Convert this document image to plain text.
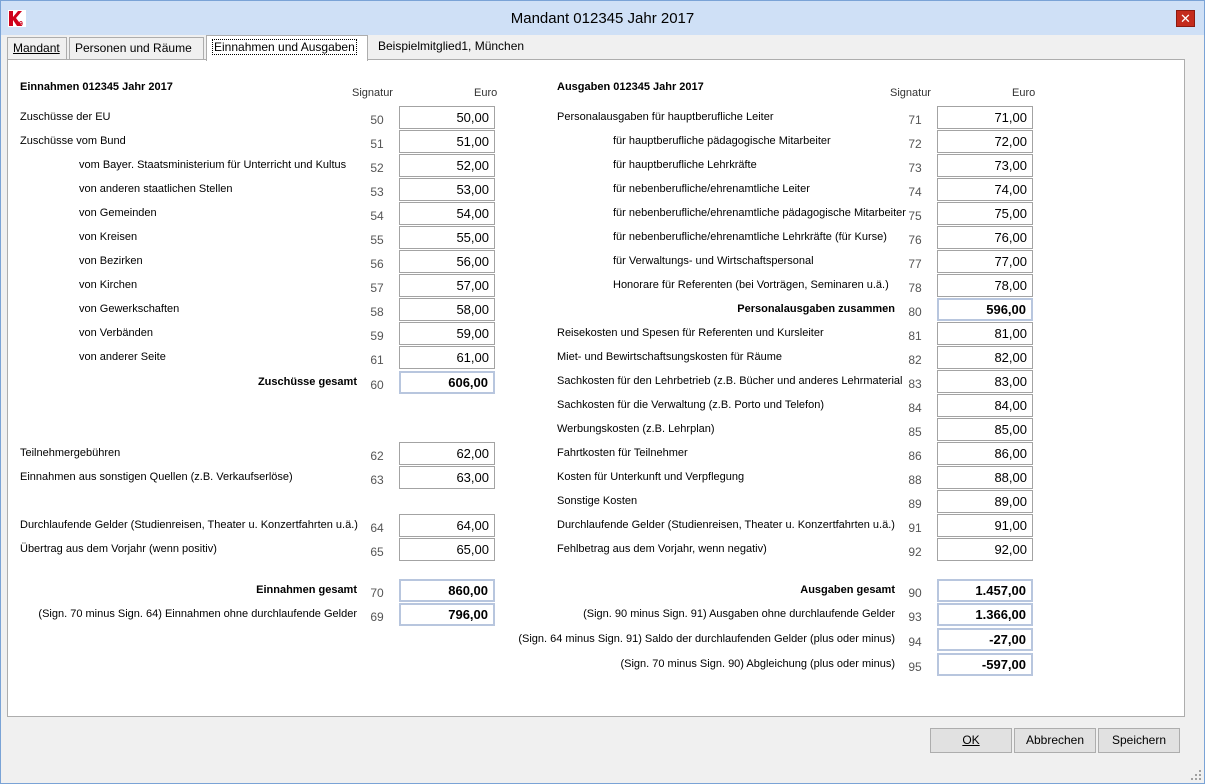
9	Mandant 012345 Jahr 2017	✕
Mandant	Personen und Räume	Einnahmen und Ausgaben	Beispielmitglied1, München
Einnahmen 012345 Jahr 2017	Signatur	Euro
Zuschüsse der EU	50	50,00
Zuschüsse vom Bund	51	51,00
vom Bayer. Staatsministerium für Unterricht und Kultus	52	52,00
von anderen staatlichen Stellen	53	53,00
von Gemeinden	54	54,00
von Kreisen	55	55,00
von Bezirken	56	56,00
von Kirchen	57	57,00
von Gewerkschaften	58	58,00
von Verbänden	59	59,00
von anderer Seite	61	61,00
Zuschüsse gesamt	60	606,00
Teilnehmergebühren	62	62,00
Einnahmen aus sonstigen Quellen (z.B. Verkaufserlöse)	63	63,00
Durchlaufende Gelder (Studienreisen, Theater u. Konzertfahrten u.ä.)	64	64,00
Übertrag aus dem Vorjahr (wenn positiv)	65	65,00
Einnahmen gesamt	70	860,00
(Sign. 70 minus Sign. 64) Einnahmen ohne durchlaufende Gelder	69	796,00
Ausgaben 012345 Jahr 2017	Signatur	Euro
Personalausgaben für hauptberufliche Leiter	71	71,00
für hauptberufliche pädagogische Mitarbeiter	72	72,00
für hauptberufliche Lehrkräfte	73	73,00
für nebenberufliche/ehrenamtliche Leiter	74	74,00
für nebenberufliche/ehrenamtliche pädagogische Mitarbeiter 75	75,00
für nebenberufliche/ehrenamtliche Lehrkräfte (für Kurse)	76	76,00
für Verwaltungs- und Wirtschaftspersonal	77	77,00
Honorare für Referenten (bei Vorträgen, Seminaren u.ä.)	78	78,00
Personalausgaben zusammen	80	596,00
Reisekosten und Spesen für Referenten und Kursleiter	81	81,00
Miet- und Bewirtschaftsungskosten für Räume	82	82,00
Sachkosten für den Lehrbetrieb (z.B. Bücher und anderes Lehrmaterial 83	83,00
Sachkosten für die Verwaltung (z.B. Porto und Telefon)	84	84,00
Werbungskosten (z.B. Lehrplan)	85	85,00
Fahrtkosten für Teilnehmer	86	86,00
Kosten für Unterkunft und Verpflegung	88	88,00
Sonstige Kosten	89	89,00
Durchlaufende Gelder (Studienreisen, Theater u. Konzertfahrten u.ä.)	91	91,00
Fehlbetrag aus dem Vorjahr, wenn negativ)	92	92,00
Ausgaben gesamt	90	1.457,00
(Sign. 90 minus Sign. 91) Ausgaben ohne durchlaufende Gelder	93	1.366,00
(Sign. 64 minus Sign. 91) Saldo der durchlaufenden Gelder (plus oder minus)	94	-27,00
(Sign. 70 minus Sign. 90) Abgleichung (plus oder minus)	95	-597,00
OK	Abbrechen	Speichern
